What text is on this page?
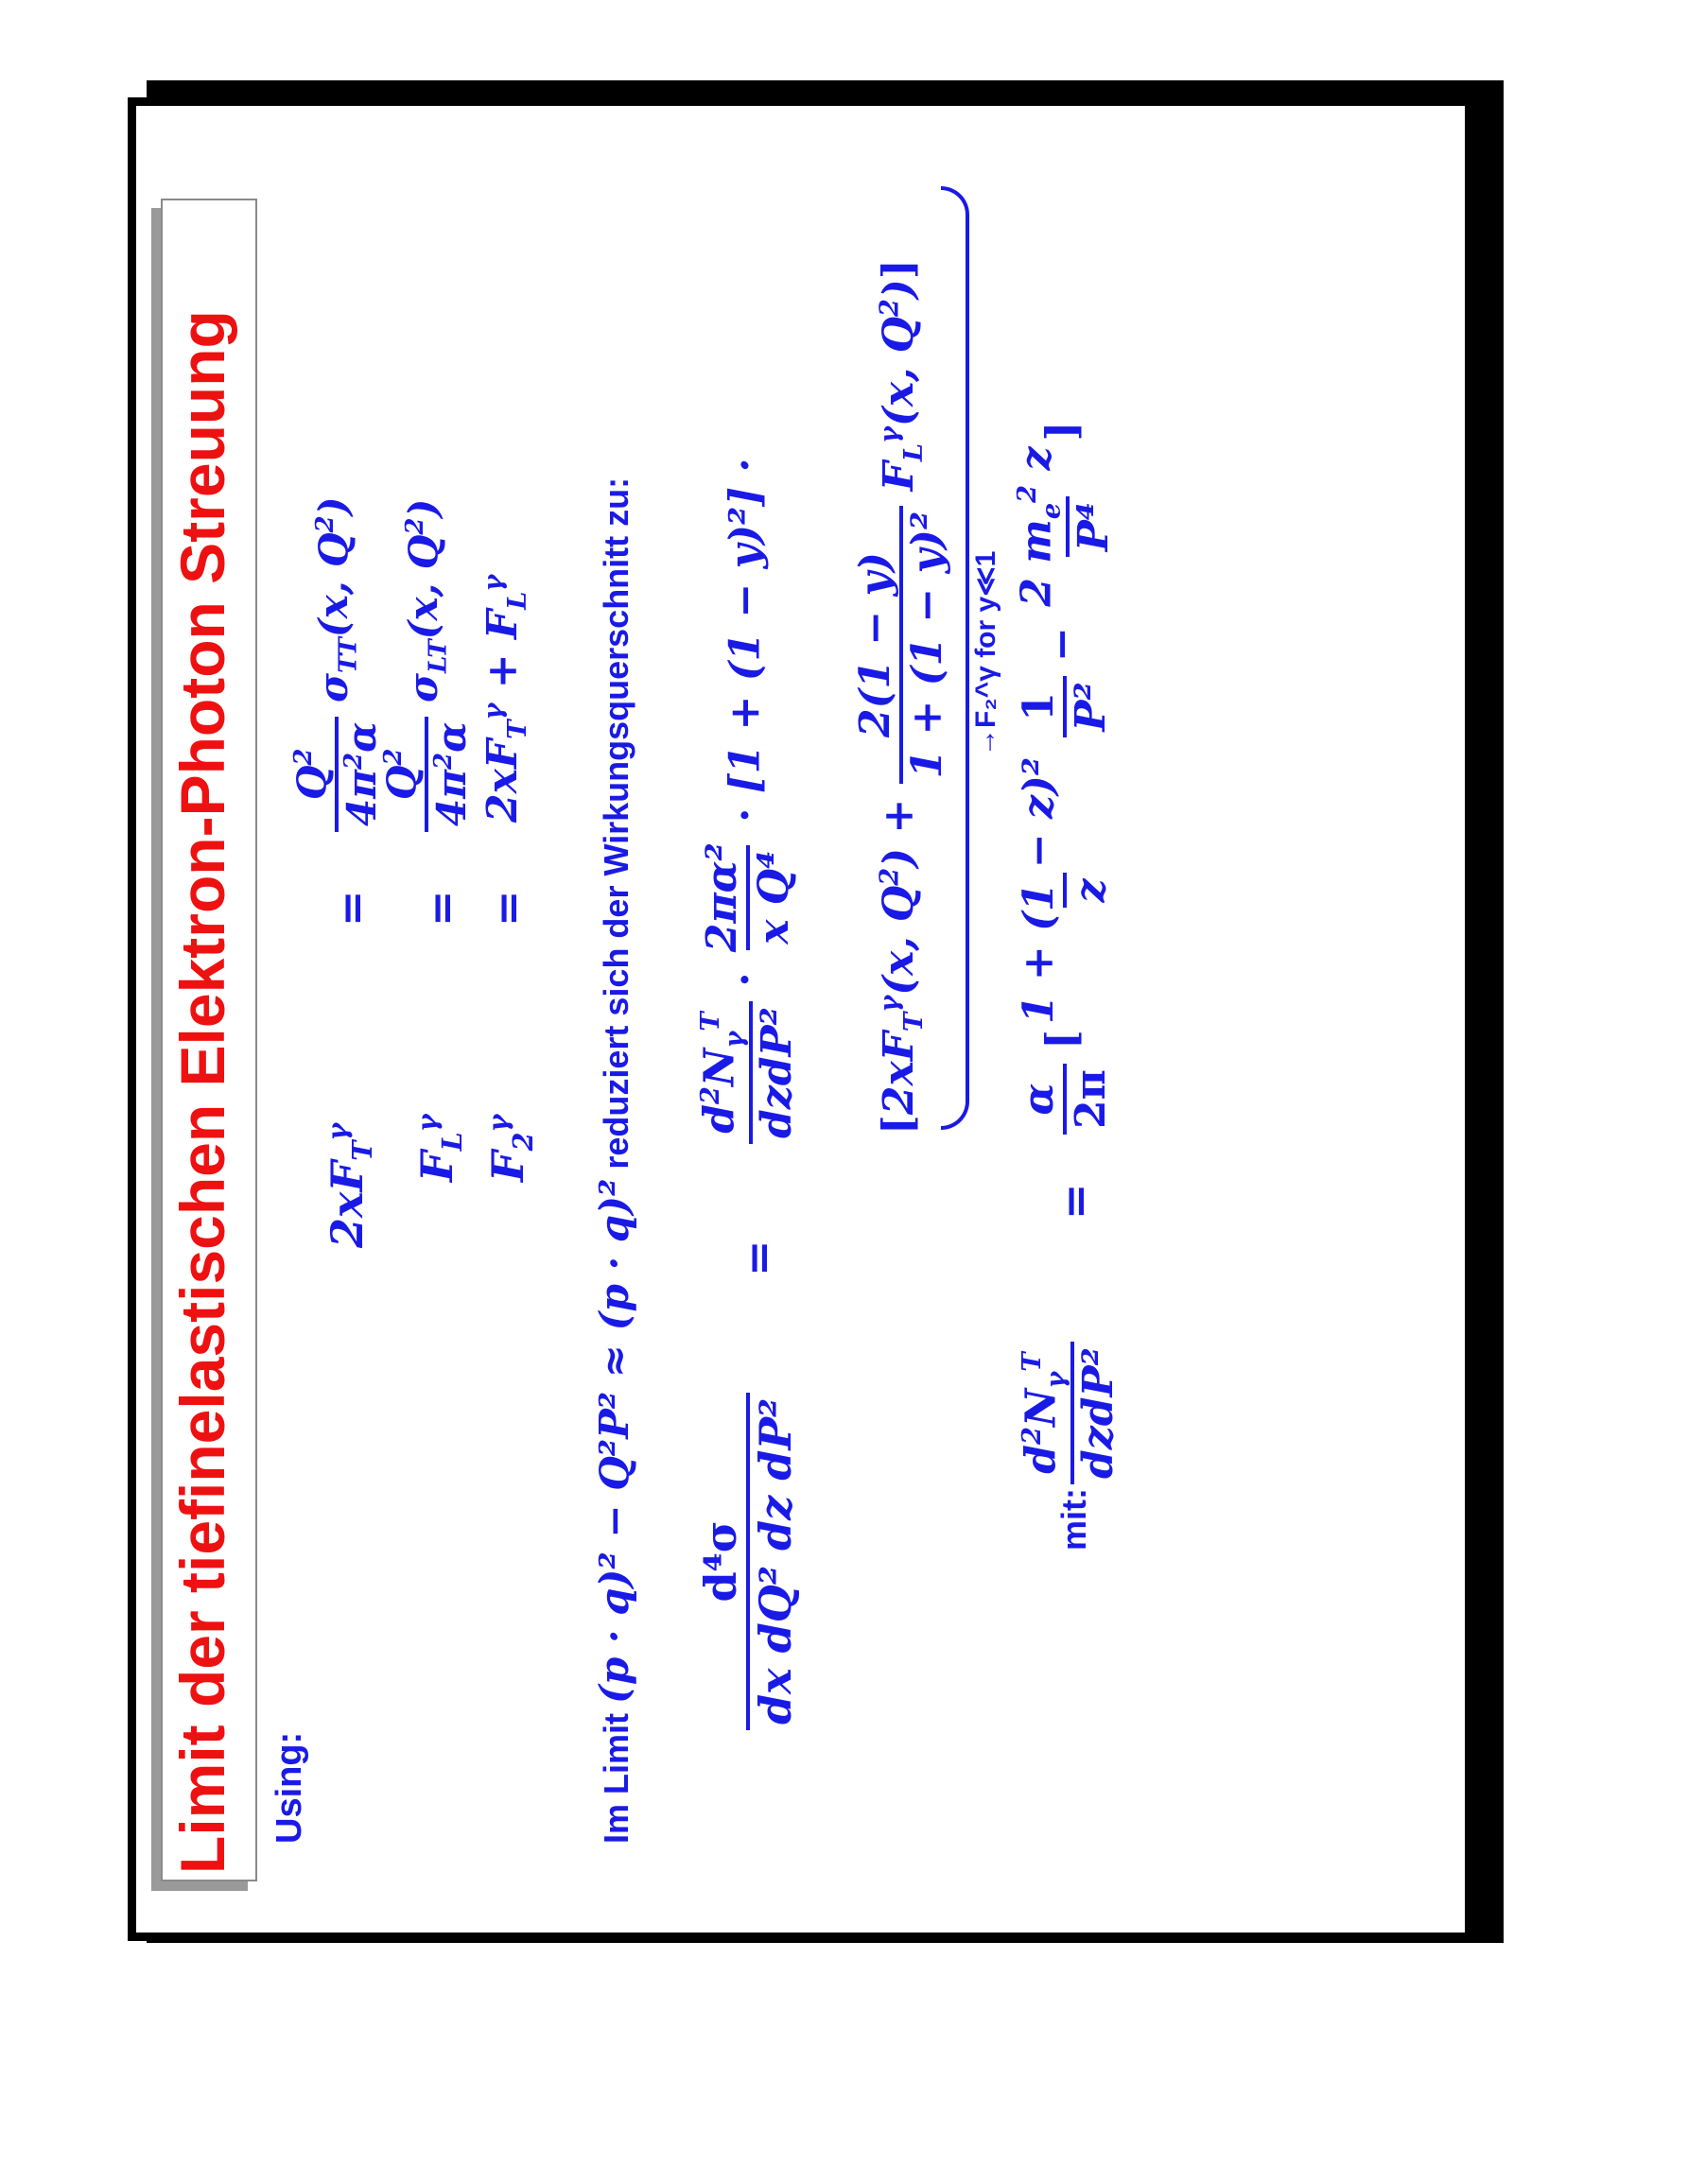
Limit der tiefinelastischen Elektron-Photon Streuung Using:
$2xF_T^\gamma$
=
$Q^2$
$4\pi^2\alpha$
$\sigma_{TT}(x$, $Q^2$)
$F_L^\gamma$
=
$Q^2$
$4\pi^2\alpha$
$\sigma_{LT}(x$, $Q^2$)
$F_2^\gamma$
=
$2xF_T^\gamma + F_L^\gamma$
Im Limit (p · q)² − Q²P² ≈ (p · q)² reduziert sich der Wirkungsquerschnitt zu:
d⁴σ dx dQ² dz dP²
=
$d^2N_\gamma^T$ dzdP²
·
2πα² x Q⁴
· [1 + (1 − y)²] ·
[$2xF_T^\gamma(x$, $Q^2$) +
2(1 − y) 1 + (1 − y)²
$F_L^\gamma(x$, $Q^2$)]
→F₂^γ for y≪1
mit:
$d^2N_\gamma^T$ dzdP²
=
α 2π
[
1 + (1 − z)² z

1 P²
−
2 $m_e^2$ z
P⁴
]
